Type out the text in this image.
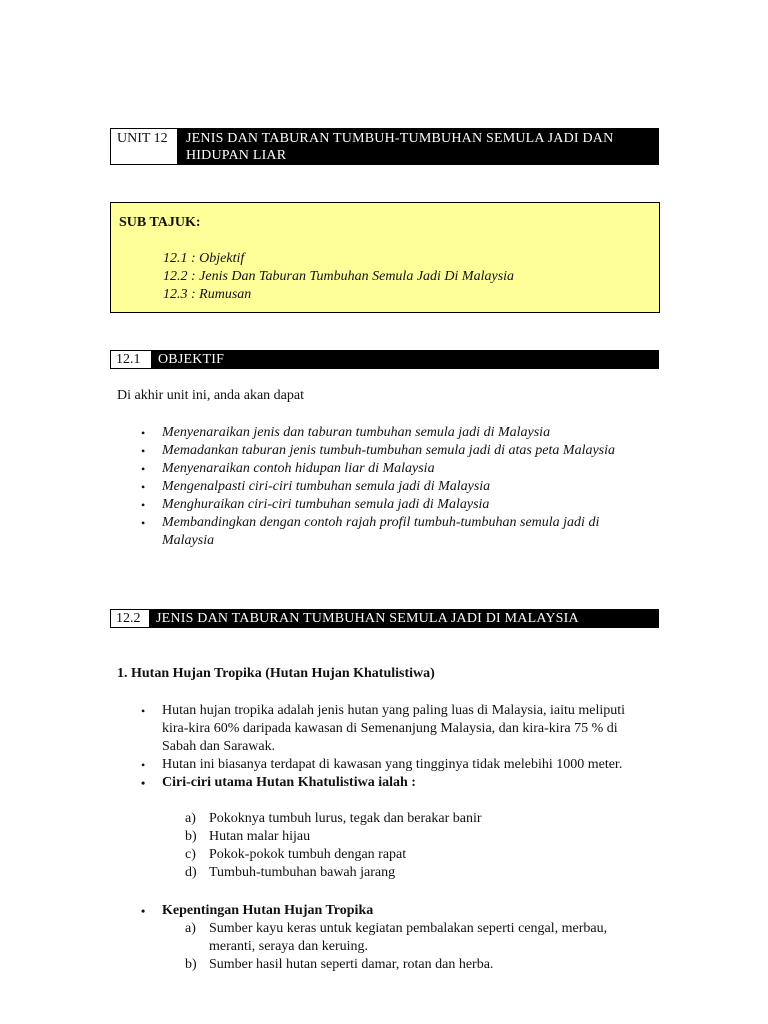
UNIT 12	JENIS DAN TABURAN TUMBUH-TUMBUHAN SEMULA JADI DAN HIDUPAN LIAR
SUB TAJUK:
12.1 : Objektif
12.2 : Jenis Dan Taburan Tumbuhan Semula Jadi Di Malaysia
12.3 : Rumusan
12.1	OBJEKTIF
Di akhir unit ini, anda akan dapat
• Menyenaraikan jenis dan taburan tumbuhan semula jadi di Malaysia
• Memadankan taburan jenis tumbuh-tumbuhan semula jadi di atas peta Malaysia
• Menyenaraikan contoh hidupan liar di Malaysia
• Mengenalpasti ciri-ciri tumbuhan semula jadi di Malaysia
• Menghuraikan ciri-ciri tumbuhan semula jadi di Malaysia
• Membandingkan dengan contoh rajah profil tumbuh-tumbuhan semula jadi di Malaysia
12.2	JENIS DAN TABURAN TUMBUHAN SEMULA JADI DI MALAYSIA
1. Hutan Hujan Tropika (Hutan Hujan Khatulistiwa)
• Hutan hujan tropika adalah jenis hutan yang paling luas di Malaysia, iaitu meliputi kira-kira 60% daripada kawasan di Semenanjung Malaysia, dan kira-kira 75 % di Sabah dan Sarawak.
• Hutan ini biasanya terdapat di kawasan yang tingginya tidak melebihi 1000 meter.
• Ciri-ciri utama Hutan Khatulistiwa ialah :
a) Pokoknya tumbuh lurus, tegak dan berakar banir
b) Hutan malar hijau
c) Pokok-pokok tumbuh dengan rapat
d) Tumbuh-tumbuhan bawah jarang
• Kepentingan Hutan Hujan Tropika
a) Sumber kayu keras untuk kegiatan pembalakan seperti cengal, merbau, meranti, seraya dan keruing.
b) Sumber hasil hutan seperti damar, rotan dan herba.
